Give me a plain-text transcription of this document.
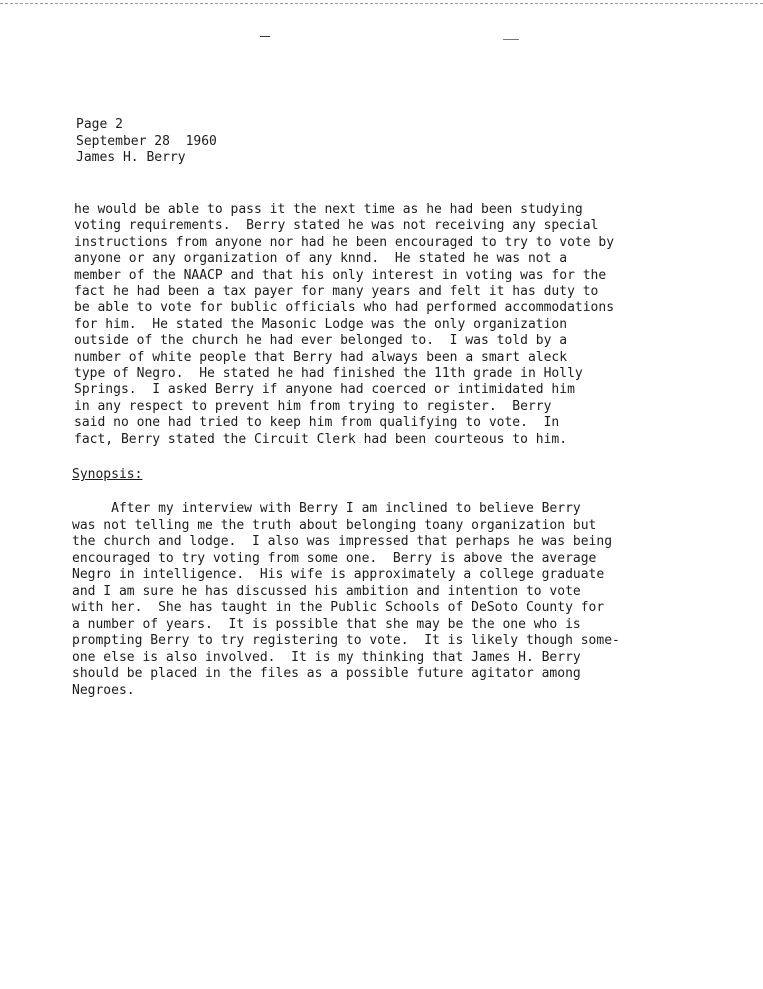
Page 2
September 28  1960
James H. Berry
he would be able to pass it the next time as he had been studying
voting requirements.  Berry stated he was not receiving any special
instructions from anyone nor had he been encouraged to try to vote by
anyone or any organization of any knnd.  He stated he was not a
member of the NAACP and that his only interest in voting was for the
fact he had been a tax payer for many years and felt it has duty to
be able to vote for bublic officials who had performed accommodations
for him.  He stated the Masonic Lodge was the only organization
outside of the church he had ever belonged to.  I was told by a
number of white people that Berry had always been a smart aleck
type of Negro.  He stated he had finished the 11th grade in Holly
Springs.  I asked Berry if anyone had coerced or intimidated him
in any respect to prevent him from trying to register.  Berry
said no one had tried to keep him from qualifying to vote.  In
fact, Berry stated the Circuit Clerk had been courteous to him.
Synopsis:
After my interview with Berry I am inclined to believe Berry
was not telling me the truth about belonging toany organization but
the church and lodge.  I also was impressed that perhaps he was being
encouraged to try voting from some one.  Berry is above the average
Negro in intelligence.  His wife is approximately a college graduate
and I am sure he has discussed his ambition and intention to vote
with her.  She has taught in the Public Schools of DeSoto County for
a number of years.  It is possible that she may be the one who is
prompting Berry to try registering to vote.  It is likely though some-
one else is also involved.  It is my thinking that James H. Berry
should be placed in the files as a possible future agitator among
Negroes.
